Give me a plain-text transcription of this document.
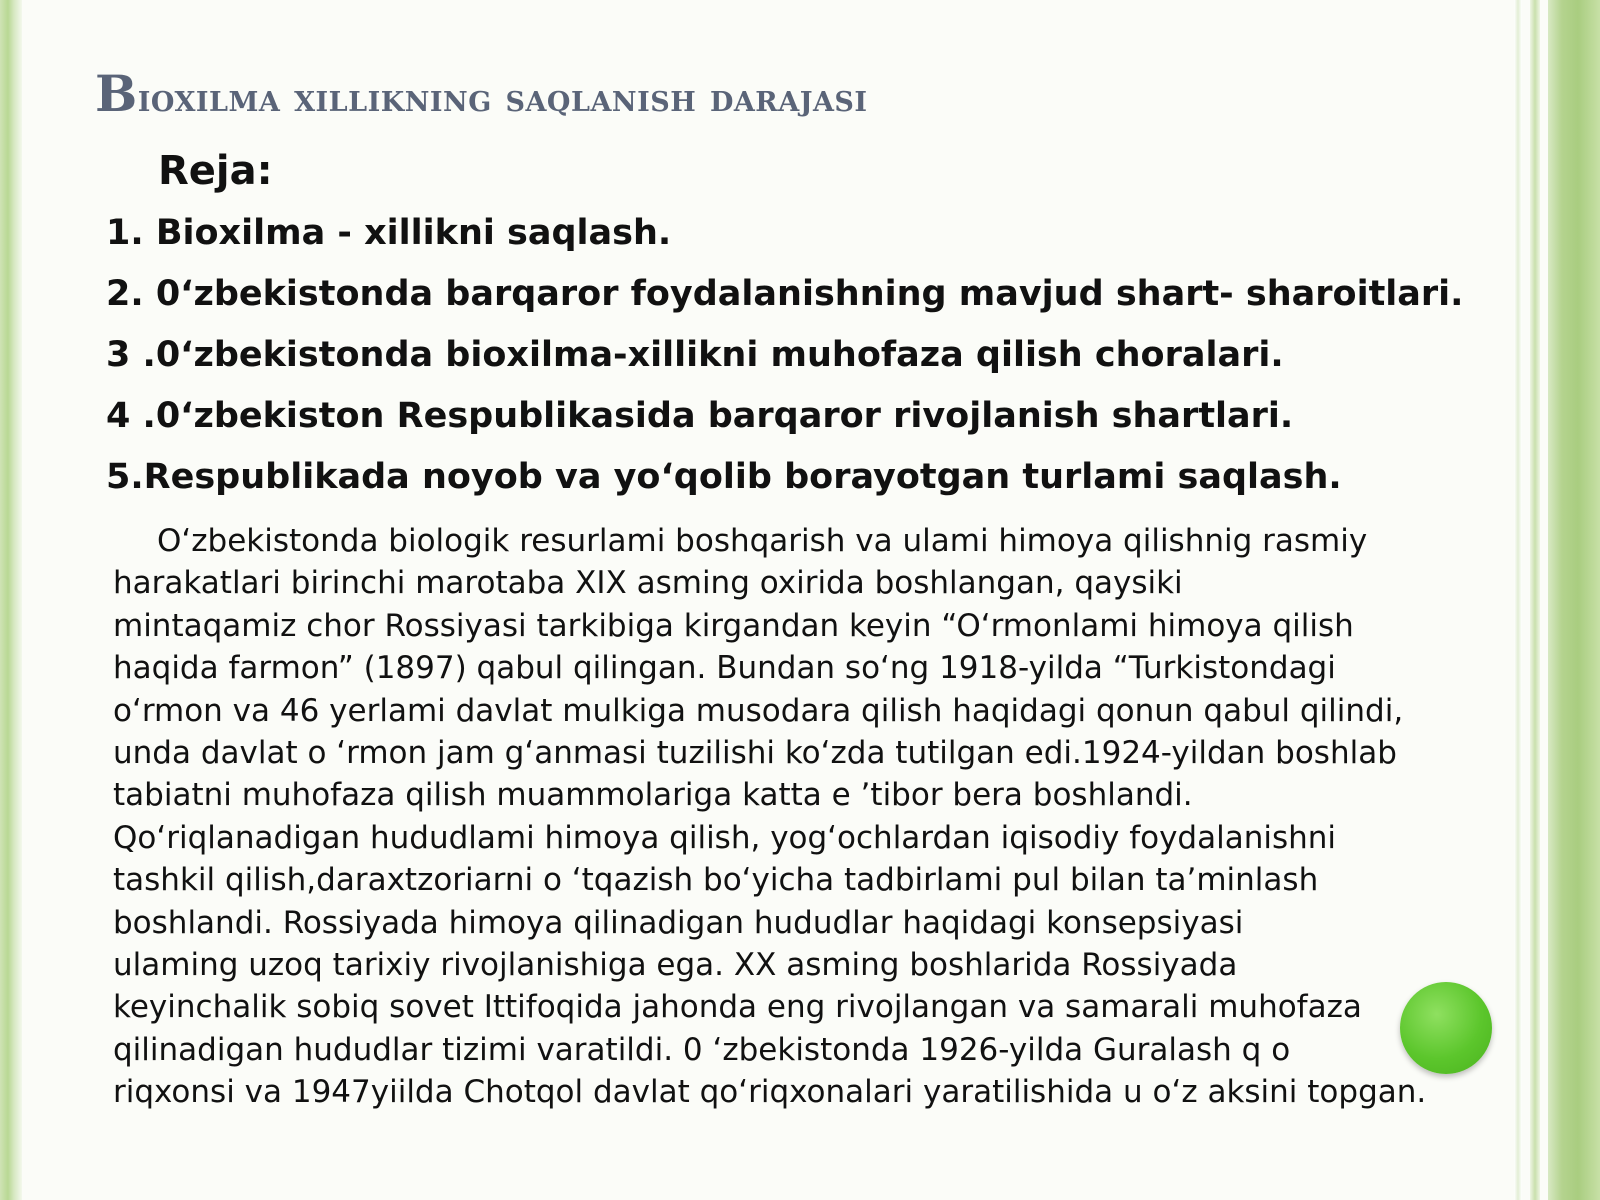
Bioxilma xillikning saqlanish darajasi
Reja:
1. Bioxilma - xillikni saqlash.
2. 0‘zbekistonda barqaror foydalanishning mavjud shart- sharoitlari.
3 .0‘zbekistonda bioxilma-xillikni muhofaza qilish choralari.
4 .0‘zbekiston Respublikasida barqaror rivojlanish shartlari.
5.Respublikada noyob va yo‘qolib borayotgan turlami saqlash.
O‘zbekistonda biologik resurlami boshqarish va ulami himoya qilishnig rasmiy
harakatlari birinchi marotaba XIX asming oxirida boshlangan, qaysiki
mintaqamiz chor Rossiyasi tarkibiga kirgandan keyin “O‘rmonlami himoya qilish
haqida farmon” (1897) qabul qilingan. Bundan so‘ng 1918-yilda “Turkistondagi
o‘rmon va 46 yerlami davlat mulkiga musodara qilish haqidagi qonun qabul qilindi,
unda davlat o ‘rmon jam g‘anmasi tuzilishi ko‘zda tutilgan edi.1924-yildan boshlab
tabiatni muhofaza qilish muammolariga katta e ’tibor bera boshlandi.
Qo‘riqlanadigan hududlami himoya qilish, yog‘ochlardan iqisodiy foydalanishni
tashkil qilish,daraxtzoriarni o ‘tqazish bo‘yicha tadbirlami pul bilan ta’minlash
boshlandi. Rossiyada himoya qilinadigan hududlar haqidagi konsepsiyasi
ulaming uzoq tarixiy rivojlanishiga ega. XX asming boshlarida Rossiyada
keyinchalik sobiq sovet Ittifoqida jahonda eng rivojlangan va samarali muhofaza
qilinadigan hududlar tizimi varatildi. 0 ‘zbekistonda 1926-yilda Guralash q o
riqxonsi va 1947yiilda Chotqol davlat qo‘riqxonalari yaratilishida u o‘z aksini topgan.
